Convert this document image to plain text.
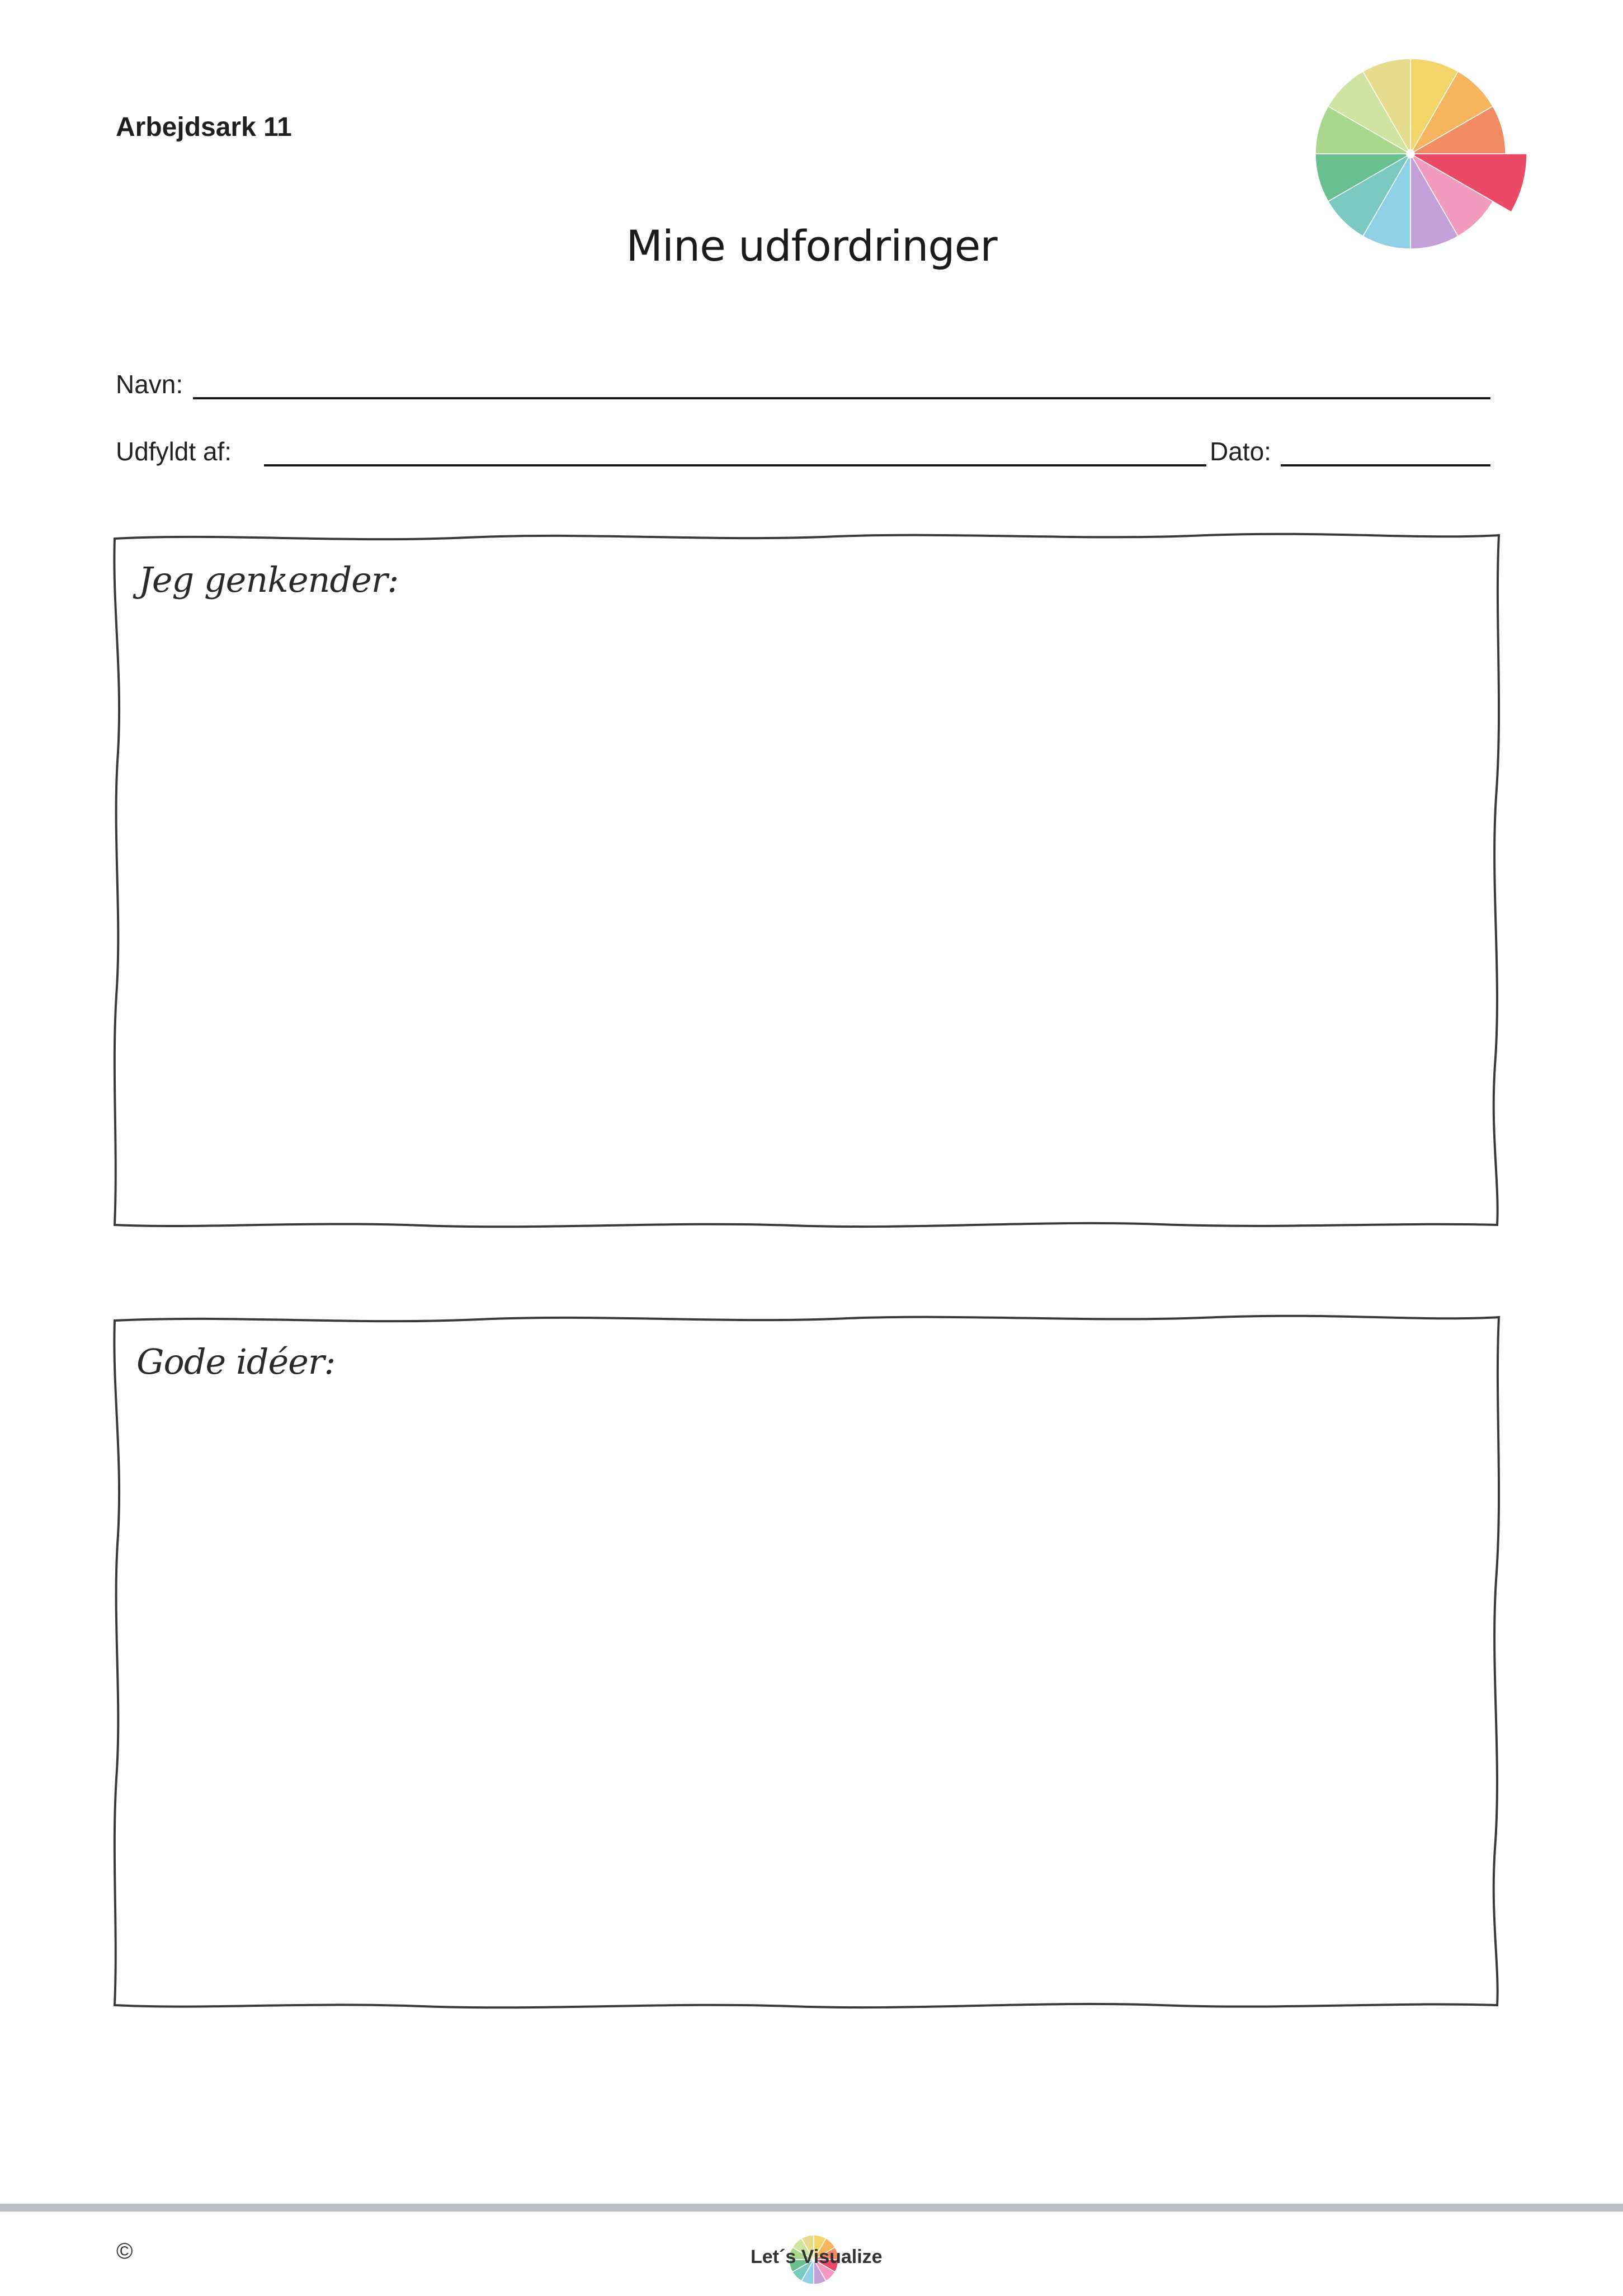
Arbejdsark 11
Mine udfordringer
Navn:
Udfyldt af:	Dato:
Jeg genkender:
Gode idéer:
©	Let´s Visualize
